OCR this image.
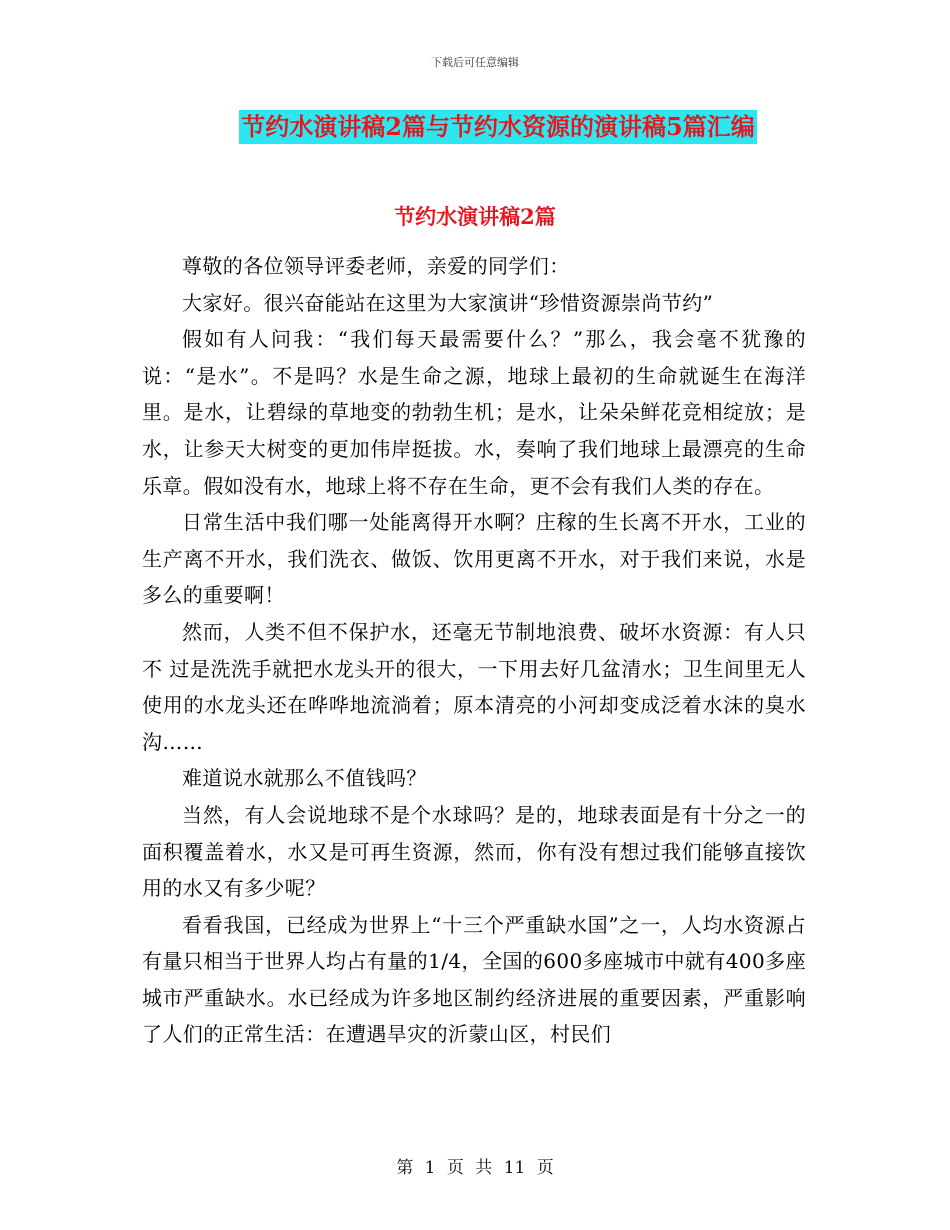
下载后可任意编辑
节约水演讲稿2篇与节约水资源的演讲稿5篇汇编
节约水演讲稿2篇

尊敬的各位领导评委老师，亲爱的同学们：

大家好。很兴奋能站在这里为大家演讲“珍惜资源崇尚节约”

假如有人问我：“我们每天最需要什么？”那么，我会毫不犹豫的说：“是水”。不是吗？水是生命之源，地球上最初的生命就诞生在海洋里。是水，让碧绿的草地变的勃勃生机；是水，让朵朵鲜花竞相绽放；是水，让参天大树变的更加伟岸挺拔。水，奏响了我们地球上最漂亮的生命乐章。假如没有水，地球上将不存在生命，更不会有我们人类的存在。

日常生活中我们哪一处能离得开水啊？庄稼的生长离不开水，工业的生产离不开水，我们洗衣、做饭、饮用更离不开水，对于我们来说，水是多么的重要啊！

然而，人类不但不保护水，还毫无节制地浪费、破坏水资源：有人只不 过是洗洗手就把水龙头开的很大，一下用去好几盆清水；卫生间里无人使用的水龙头还在哗哗地流淌着；原本清亮的小河却变成泛着水沫的臭水沟……

难道说水就那么不值钱吗？

当然，有人会说地球不是个水球吗？是的，地球表面是有十分之一的面积覆盖着水，水又是可再生资源，然而，你有没有想过我们能够直接饮用的水又有多少呢？

看看我国，已经成为世界上“十三个严重缺水国”之一，人均水资源占有量只相当于世界人均占有量的1/4，全国的600多座城市中就有400多座城市严重缺水。水已经成为许多地区制约经济进展的重要因素，严重影响了人们的正常生活：在遭遇旱灾的沂蒙山区，村民们

第 1 页 共 11 页
